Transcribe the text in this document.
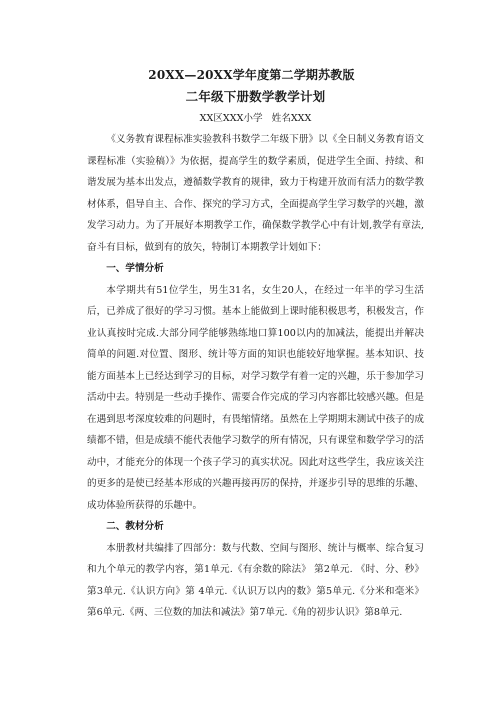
20XX—20XX学年度第二学期苏教版
二年级下册数学教学计划
XX区XXX小学 姓名XXX

《义务教育课程标准实验教科书数学二年级下册》以《全日制义务教育语文课程标准（实验稿）》为依据，提高学生的数学素质，促进学生全面、持续、和谐发展为基本出发点，遵循数学教育的规律，致力于构建开放而有活力的数学教材体系，倡导自主、合作、探究的学习方式，全面提高学生学习数学的兴趣，激发学习动力。为了开展好本期教学工作，确保数学教学心中有计划,教学有章法,奋斗有目标，做到有的放矢，特制订本期教学计划如下：

一、学情分析

本学期共有51位学生，男生31名，女生20人，在经过一年半的学习生活后，已养成了很好的学习习惯。基本上能做到上课时能积极思考，积极发言，作业认真按时完成.大部分同学能够熟练地口算100以内的加减法，能提出并解决简单的问题.对位置、图形、统计等方面的知识也能较好地掌握。基本知识、技能方面基本上已经达到学习的目标，对学习数学有着一定的兴趣，乐于参加学习活动中去。特别是一些动手操作、需要合作完成的学习内容都比较感兴趣。但是在遇到思考深度较难的问题时，有畏缩情绪。虽然在上学期期末测试中孩子的成绩都不错，但是成绩不能代表他学习数学的所有情况，只有课堂和数学学习的活动中，才能充分的体现一个孩子学习的真实状况。因此对这些学生，我应该关注的更多的是使已经基本形成的兴趣再接再厉的保持，并逐步引导的思维的乐趣、成功体验所获得的乐趣中。

二、教材分析

本册教材共编排了四部分：数与代数、空间与图形、统计与概率、综合复习和九个单元的教学内容，第1单元.《有余数的除法》 第2单元. 《时、分、秒》第3单元.《认识方向》第 4单元.《认识万以内的数》第5单元.《分米和毫米》第6单元.《两、三位数的加法和减法》第7单元.《角的初步认识》第8单元.
